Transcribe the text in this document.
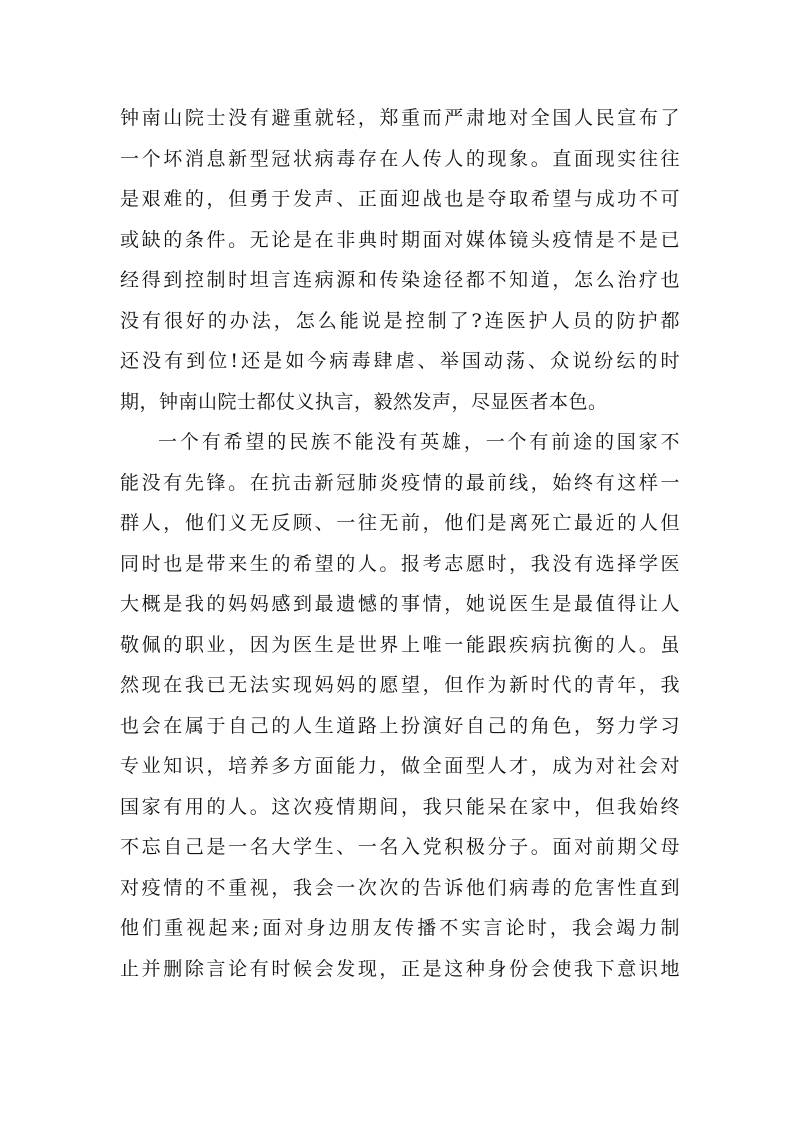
钟南山院士没有避重就轻，郑重而严肃地对全国人民宣布了
一个坏消息新型冠状病毒存在人传人的现象。直面现实往往
是艰难的，但勇于发声、正面迎战也是夺取希望与成功不可
或缺的条件。无论是在非典时期面对媒体镜头疫情是不是已
经得到控制时坦言连病源和传染途径都不知道，怎么治疗也
没有很好的办法，怎么能说是控制了?连医护人员的防护都
还没有到位!还是如今病毒肆虐、举国动荡、众说纷纭的时
期，钟南山院士都仗义执言，毅然发声，尽显医者本色。
一个有希望的民族不能没有英雄，一个有前途的国家不
能没有先锋。在抗击新冠肺炎疫情的最前线，始终有这样一
群人，他们义无反顾、一往无前，他们是离死亡最近的人但
同时也是带来生的希望的人。报考志愿时，我没有选择学医
大概是我的妈妈感到最遗憾的事情，她说医生是最值得让人
敬佩的职业，因为医生是世界上唯一能跟疾病抗衡的人。虽
然现在我已无法实现妈妈的愿望，但作为新时代的青年，我
也会在属于自己的人生道路上扮演好自己的角色，努力学习
专业知识，培养多方面能力，做全面型人才，成为对社会对
国家有用的人。这次疫情期间，我只能呆在家中，但我始终
不忘自己是一名大学生、一名入党积极分子。面对前期父母
对疫情的不重视，我会一次次的告诉他们病毒的危害性直到
他们重视起来;面对身边朋友传播不实言论时，我会竭力制
止并删除言论有时候会发现，正是这种身份会使我下意识地
